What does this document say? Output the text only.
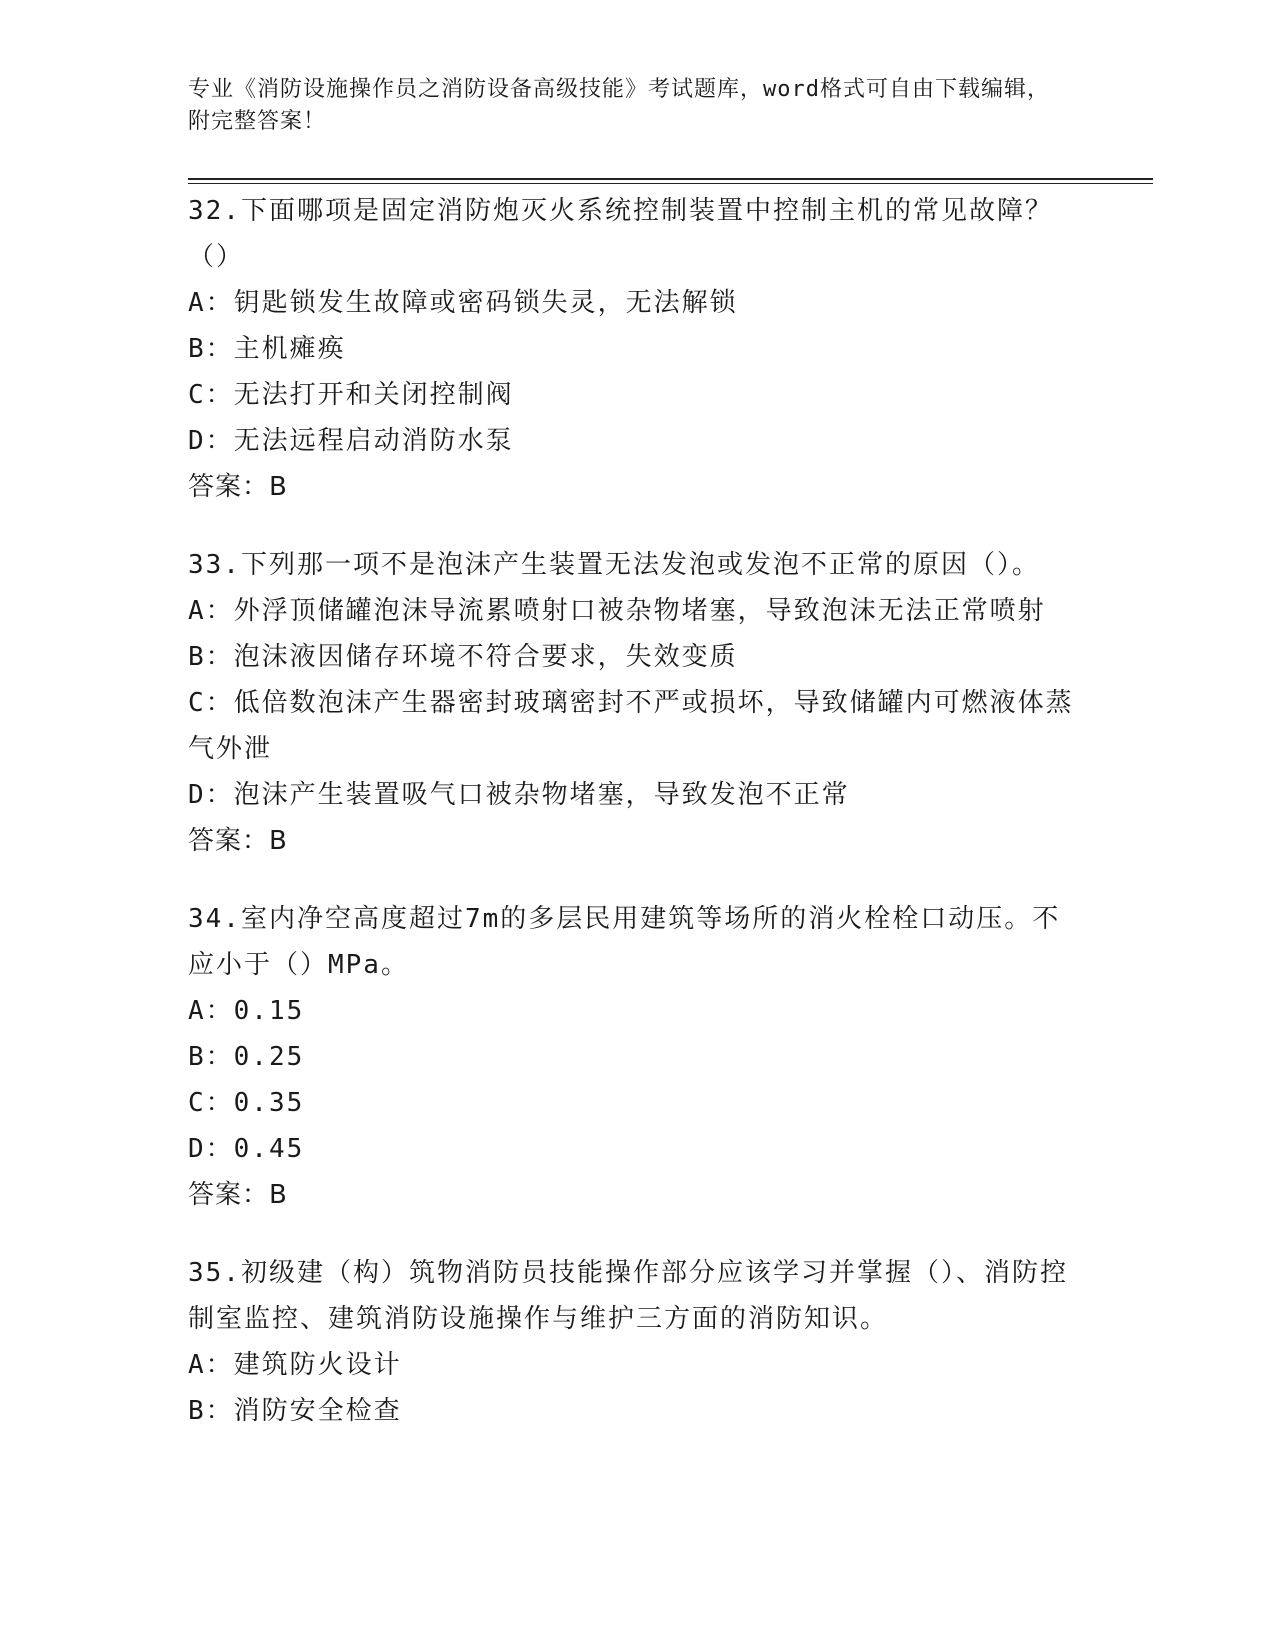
专业《消防设施操作员之消防设备高级技能》考试题库，word格式可自由下载编辑，附完整答案！
32.下面哪项是固定消防炮灭火系统控制装置中控制主机的常见故障？（）
A：钥匙锁发生故障或密码锁失灵，无法解锁
B：主机瘫痪
C：无法打开和关闭控制阀
D：无法远程启动消防水泵
答案：B
33.下列那一项不是泡沫产生装置无法发泡或发泡不正常的原因（）。
A：外浮顶储罐泡沫导流累喷射口被杂物堵塞，导致泡沫无法正常喷射
B：泡沫液因储存环境不符合要求，失效变质
C：低倍数泡沫产生器密封玻璃密封不严或损坏，导致储罐内可燃液体蒸气外泄
D：泡沫产生装置吸气口被杂物堵塞，导致发泡不正常
答案：B
34.室内净空高度超过7m的多层民用建筑等场所的消火栓栓口动压。不应小于（）MPa。
A：0.15
B：0.25
C：0.35
D：0.45
答案：B
35.初级建（构）筑物消防员技能操作部分应该学习并掌握（）、消防控制室监控、建筑消防设施操作与维护三方面的消防知识。
A：建筑防火设计
B：消防安全检查
